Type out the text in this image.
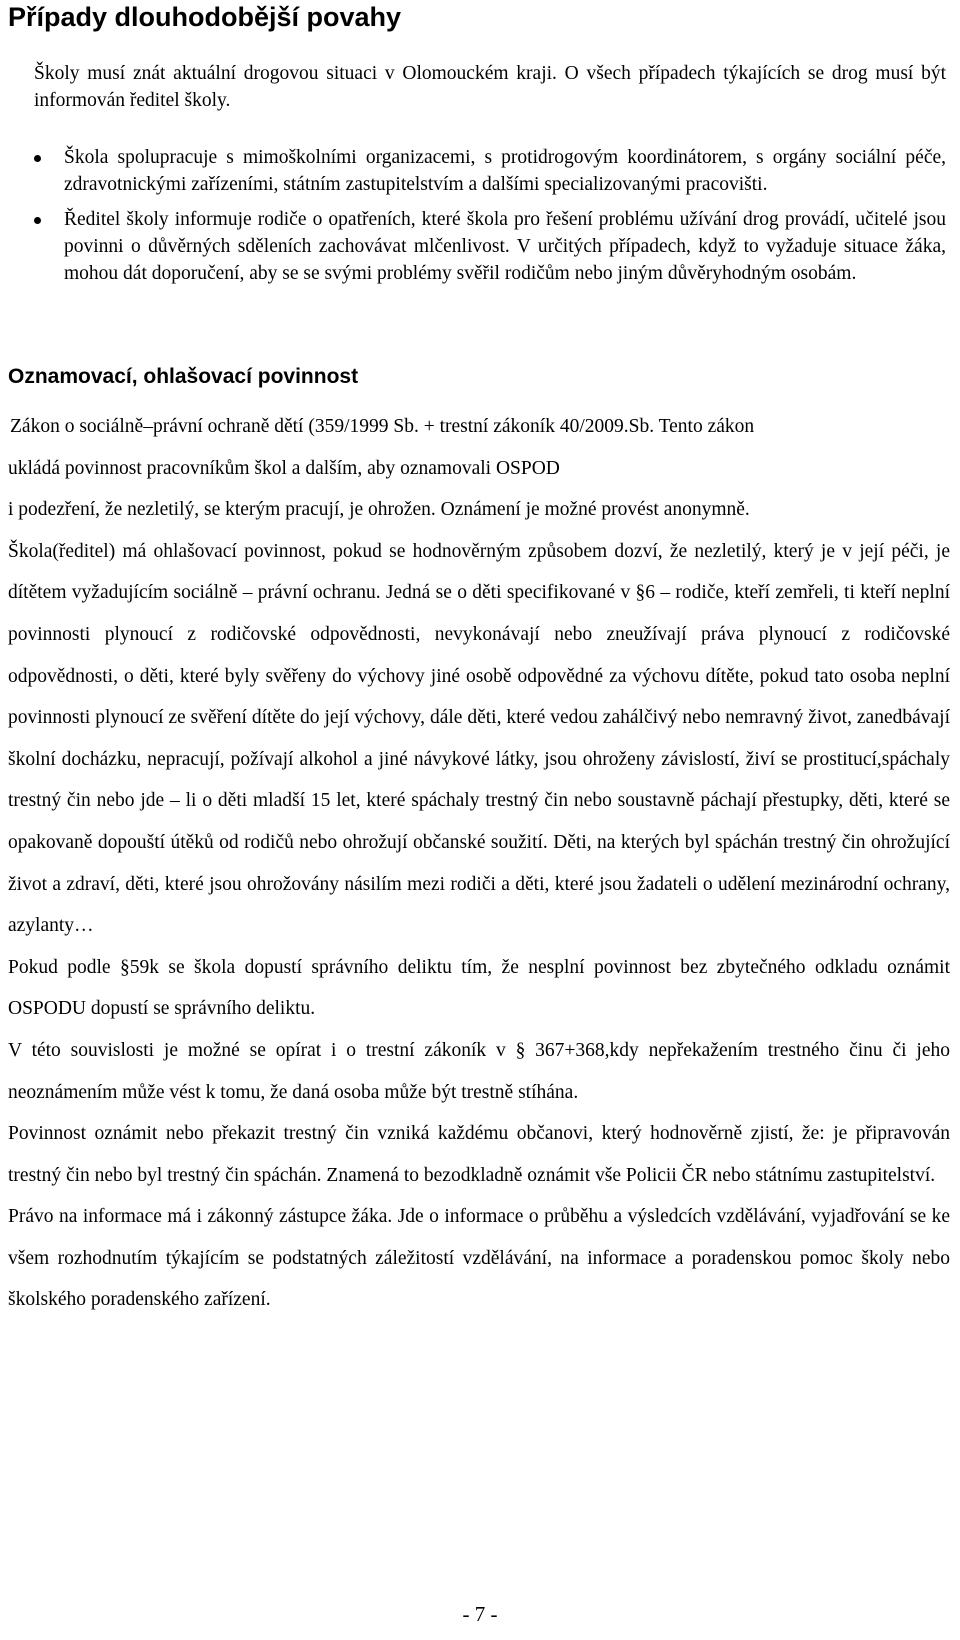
Případy dlouhodobější povahy

Školy musí znát aktuální drogovou situaci v Olomouckém kraji. O všech případech týkajících se drog musí být informován ředitel školy.

Škola spolupracuje s mimoškolními organizacemi, s protidrogovým koordinátorem, s orgány sociální péče, zdravotnickými zařízeními, státním zastupitelstvím a dalšími specializovanými pracovišti.
Ředitel školy informuje rodiče o opatřeních, které škola pro řešení problému užívání drog provádí, učitelé jsou povinni o důvěrných sděleních zachovávat mlčenlivost. V určitých případech, když to vyžaduje situace žáka, mohou dát doporučení, aby se se svými problémy svěřil rodičům nebo jiným důvěryhodným osobám.
Oznamovací, ohlašovací povinnost

Zákon o sociálně–právní ochraně dětí (359/1999 Sb. + trestní zákoník 40/2009.Sb. Tento zákon

ukládá povinnost pracovníkům škol a dalším, aby oznamovali OSPOD

i podezření, že nezletilý, se kterým pracují, je ohrožen. Oznámení je možné provést anonymně.

Škola(ředitel) má ohlašovací povinnost, pokud se hodnověrným způsobem dozví, že nezletilý, který je v její péči, je dítětem vyžadujícím sociálně – právní ochranu. Jedná se o děti specifikované v §6 – rodiče, kteří zemřeli, ti kteří neplní povinnosti plynoucí z rodičovské odpovědnosti, nevykonávají nebo zneužívají práva plynoucí z rodičovské odpovědnosti, o děti, které byly svěřeny do výchovy jiné osobě odpovědné za výchovu dítěte, pokud tato osoba neplní povinnosti plynoucí ze svěření dítěte do její výchovy, dále děti, které vedou zahálčivý nebo nemravný život, zanedbávají školní docházku, nepracují, požívají alkohol a jiné návykové látky, jsou ohroženy závislostí, živí se prostitucí,spáchaly trestný čin nebo jde – li o děti mladší 15 let, které spáchaly trestný čin nebo soustavně páchají přestupky, děti, které se opakovaně dopouští útěků od rodičů nebo ohrožují občanské soužití. Děti, na kterých byl spáchán trestný čin ohrožující život a zdraví, děti, které jsou ohrožovány násilím mezi rodiči a děti, které jsou žadateli o udělení mezinárodní ochrany, azylanty…

Pokud podle §59k se škola dopustí správního deliktu tím, že nesplní povinnost bez zbytečného odkladu oznámit OSPODU dopustí se správního deliktu.

V této souvislosti je možné se opírat i o trestní zákoník v § 367+368,kdy nepřekažením trestného činu či jeho neoznámením může vést k tomu, že daná osoba může být trestně stíhána.

Povinnost oznámit nebo překazit trestný čin vzniká každému občanovi, který hodnověrně zjistí, že: je připravován trestný čin nebo byl trestný čin spáchán. Znamená to bezodkladně oznámit vše Policii ČR nebo státnímu zastupitelství.

Právo na informace má i zákonný zástupce žáka. Jde o informace o průběhu a výsledcích vzdělávání, vyjadřování se ke všem rozhodnutím týkajícím se podstatných záležitostí vzdělávání, na informace a poradenskou pomoc školy nebo školského poradenského zařízení.

- 7 -
